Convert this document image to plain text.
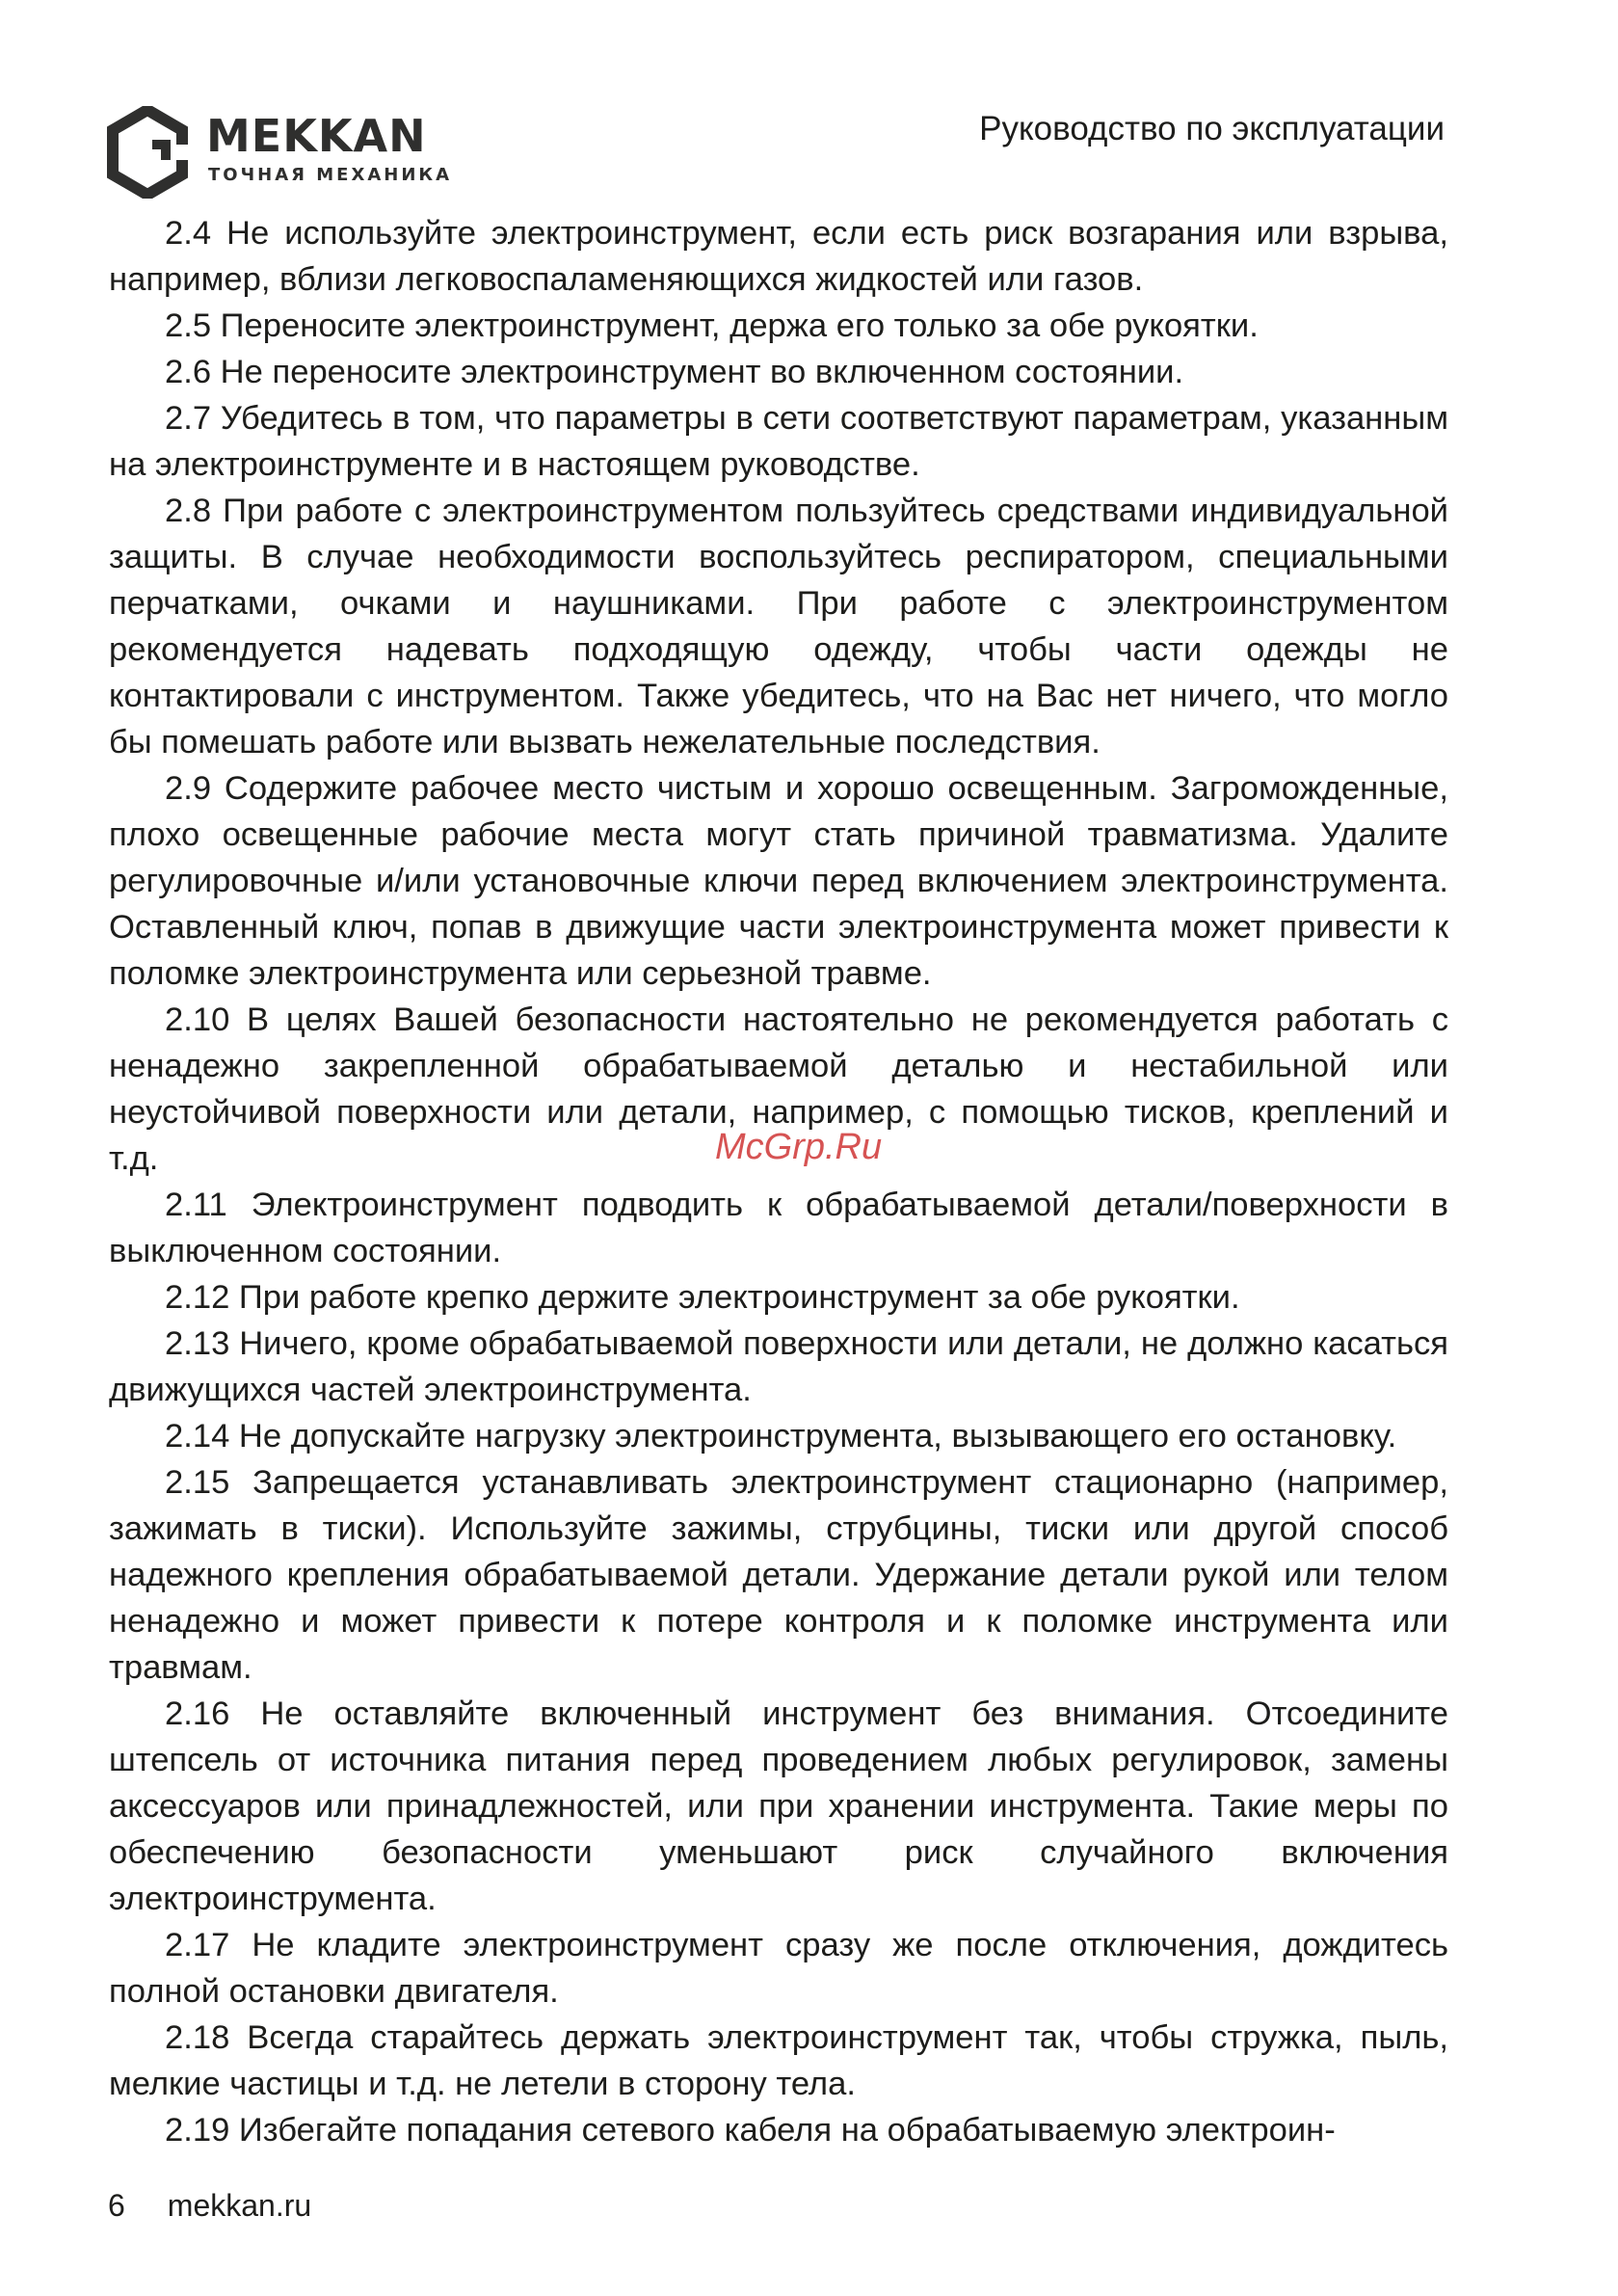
MEKKAN
ТОЧНАЯ МЕХАНИКА
Руководство по эксплуатации

2.4 Не используйте электроинструмент, если есть риск возгарания или взрыва, например, вблизи легковоспаламеняющихся жидкостей или газов.

2.5 Переносите электроинструмент, держа его только за обе рукоятки.

2.6 Не переносите электроинструмент во включенном состоянии.

2.7 Убедитесь в том, что параметры в сети соответствуют параметрам, указанным на электроинструменте и в настоящем руководстве.

2.8 При работе с электроинструментом пользуйтесь средствами индивидуальной защиты. В случае необходимости воспользуйтесь респиратором, специальными перчатками, очками и наушниками. При работе с электроинструментом рекомендуется надевать подходящую одежду, чтобы части одежды не контактировали с инструментом. Также убедитесь, что на Вас нет ничего, что могло бы помешать работе или вызвать нежелательные последствия.

2.9 Содержите рабочее место чистым и хорошо освещенным. Загроможденные, плохо освещенные рабочие места могут стать причиной травматизма. Удалите регулировочные и/или установочные ключи перед включением электроинструмента. Оставленный ключ, попав в движущие части электроинструмента может привести к поломке электроинструмента или серьезной травме.

2.10 В целях Вашей безопасности настоятельно не рекомендуется работать с ненадежно закрепленной обрабатываемой деталью и нестабильной или неустойчивой поверхности или детали, например, с помощью тисков, креплений и т.д.

2.11 Электроинструмент подводить к обрабатываемой детали/поверхности в выключенном состоянии.

2.12 При работе крепко держите электроинструмент за обе рукоятки.

2.13 Ничего, кроме обрабатываемой поверхности или детали, не должно касаться движущихся частей электроинструмента.

2.14 Не допускайте нагрузку электроинструмента, вызывающего его остановку.

2.15 Запрещается устанавливать электроинструмент стационарно (например, зажимать в тиски). Используйте зажимы, струбцины, тиски или другой способ надежного крепления обрабатываемой детали. Удержание детали рукой или телом ненадежно и может привести к потере контроля и к поломке инструмента или травмам.

2.16 Не оставляйте включенный инструмент без внимания. Отсоедините штепсель от источника питания перед проведением любых регулировок, замены аксессуаров или принадлежностей, или при хранении инструмента. Такие меры по обеспечению безопасности уменьшают риск случайного включения электроинструмента.

2.17 Не кладите электроинструмент сразу же после отключения, дождитесь полной остановки двигателя.

2.18 Всегда старайтесь держать электроинструмент так, чтобы стружка, пыль, мелкие частицы и т.д. не летели в сторону тела.

2.19 Избегайте попадания сетевого кабеля на обрабатываемую электроин-

McGrp.Ru
6 mekkan.ru
